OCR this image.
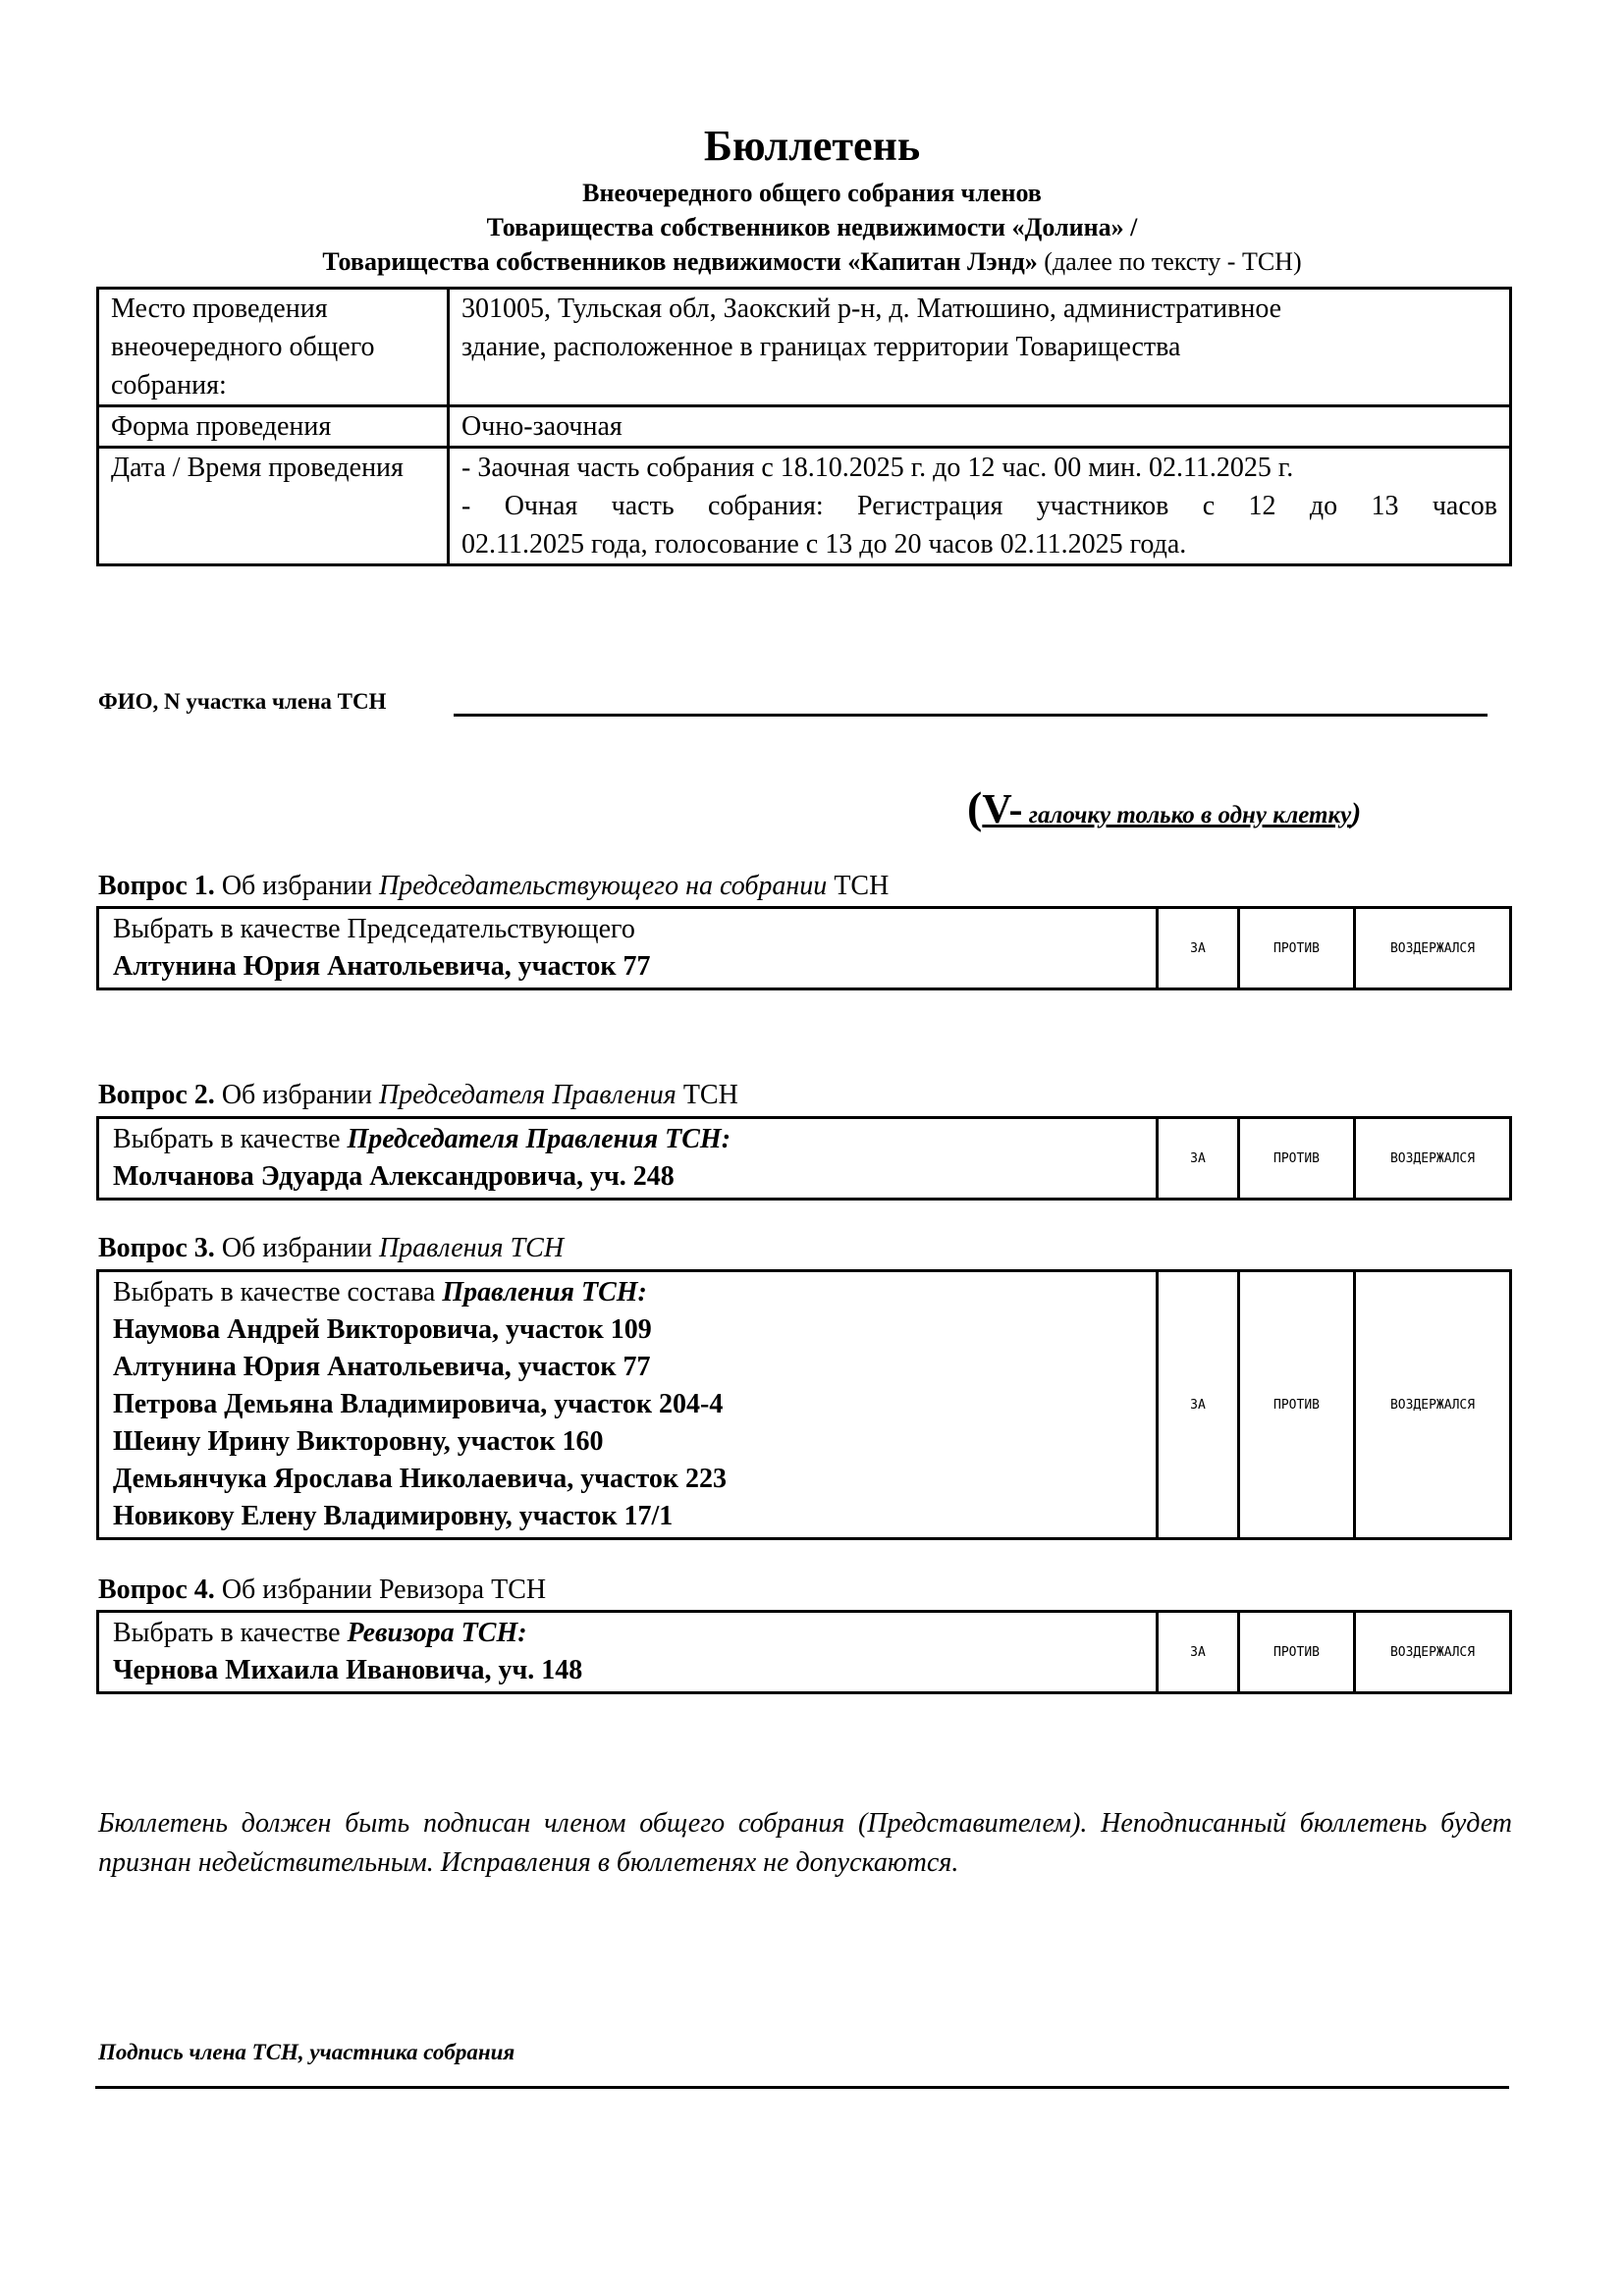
Бюллетень
Внеочередного общего собрания членов
Товарищества собственников недвижимости «Долина» /
Товарищества собственников недвижимости «Капитан Лэнд» (далее по тексту - ТСН)
Место проведения внеочередного общего собрания:	301005, Тульская обл, Заокский р-н, д. Матюшино, административное
здание, расположенное в границах территории Товарищества

Форма проведения	Очно-заочная
Дата / Время проведения	- Заочная часть собрания с 18.10.2025 г. до 12 час. 00 мин. 02.11.2025 г.
- Очная часть собрания: Регистрация участников с 12 до 13 часов
02.11.2025 года, голосование с 13 до 20 часов 02.11.2025 года.
ФИО, N участка члена ТСН
(V- галочку только в одну клетку)
Вопрос 1. Об избрании Председательствующего на собрании ТСН
Выбрать в качестве Председательствующего
Алтунина Юрия Анатольевича, участок 77
	ЗА	ПРОТИВ	ВОЗДЕРЖАЛСЯ
Вопрос 2. Об избрании Председателя Правления ТСН
Выбрать в качестве Председателя Правления ТСН:
Молчанова Эдуарда Александровича, уч. 248
	ЗА	ПРОТИВ	ВОЗДЕРЖАЛСЯ
Вопрос 3. Об избрании Правления ТСН
Выбрать в качестве состава Правления ТСН:
Наумова Андрей Викторовича, участок 109
Алтунина Юрия Анатольевича, участок 77
Петрова Демьяна Владимировича, участок 204-4
Шеину Ирину Викторовну, участок 160
Демьянчука Ярослава Николаевича, участок 223
Новикову Елену Владимировну, участок 17/1
	ЗА	ПРОТИВ	ВОЗДЕРЖАЛСЯ
Вопрос 4. Об избрании Ревизора ТСН
Выбрать в качестве Ревизора ТСН:
Чернова Михаила Ивановича, уч. 148
	ЗА	ПРОТИВ	ВОЗДЕРЖАЛСЯ
Бюллетень должен быть подписан членом общего собрания (Представителем). Неподписанный бюллетень будет признан недействительным. Исправления в бюллетенях не допускаются.
Подпись члена ТСН, участника собрания
